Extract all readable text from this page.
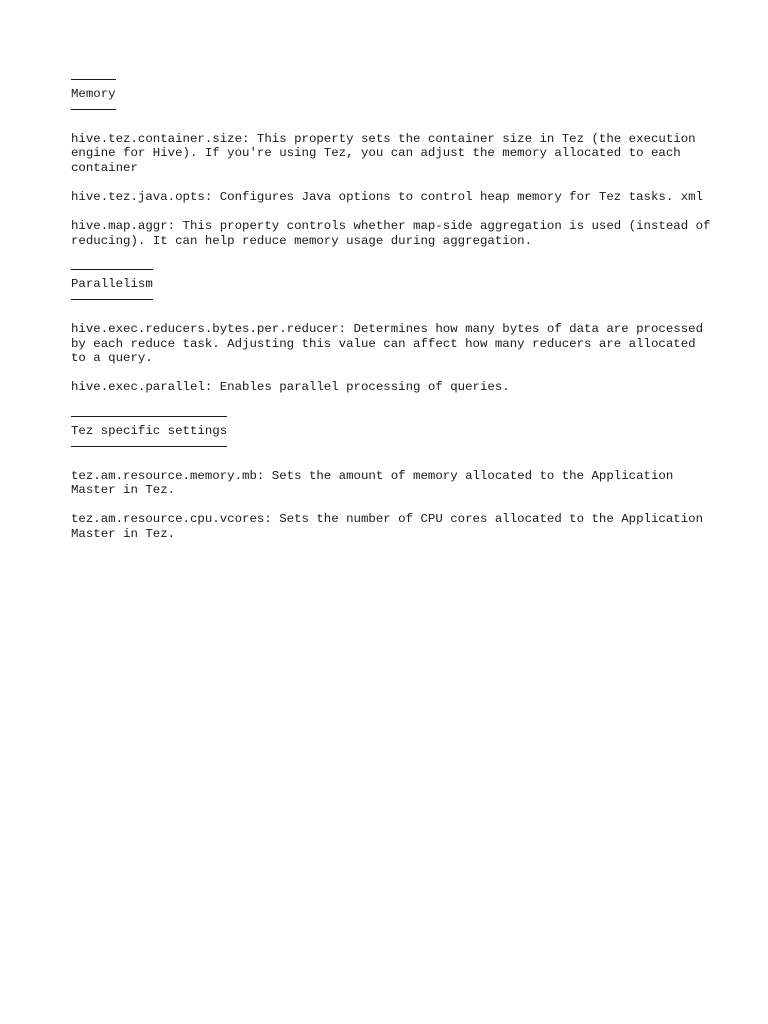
Memory

hive.tez.container.size: This property sets the container size in Tez (the execution engine for Hive). If you're using Tez, you can adjust the memory allocated to each container

hive.tez.java.opts: Configures Java options to control heap memory for Tez tasks. xml

hive.map.aggr: This property controls whether map-side aggregation is used (instead of reducing). It can help reduce memory usage during aggregation.

Parallelism

hive.exec.reducers.bytes.per.reducer: Determines how many bytes of data are processed by each reduce task. Adjusting this value can affect how many reducers are allocated to a query.

hive.exec.parallel: Enables parallel processing of queries.

Tez specific settings

tez.am.resource.memory.mb: Sets the amount of memory allocated to the Application Master in Tez.

tez.am.resource.cpu.vcores: Sets the number of CPU cores allocated to the Application Master in Tez.
